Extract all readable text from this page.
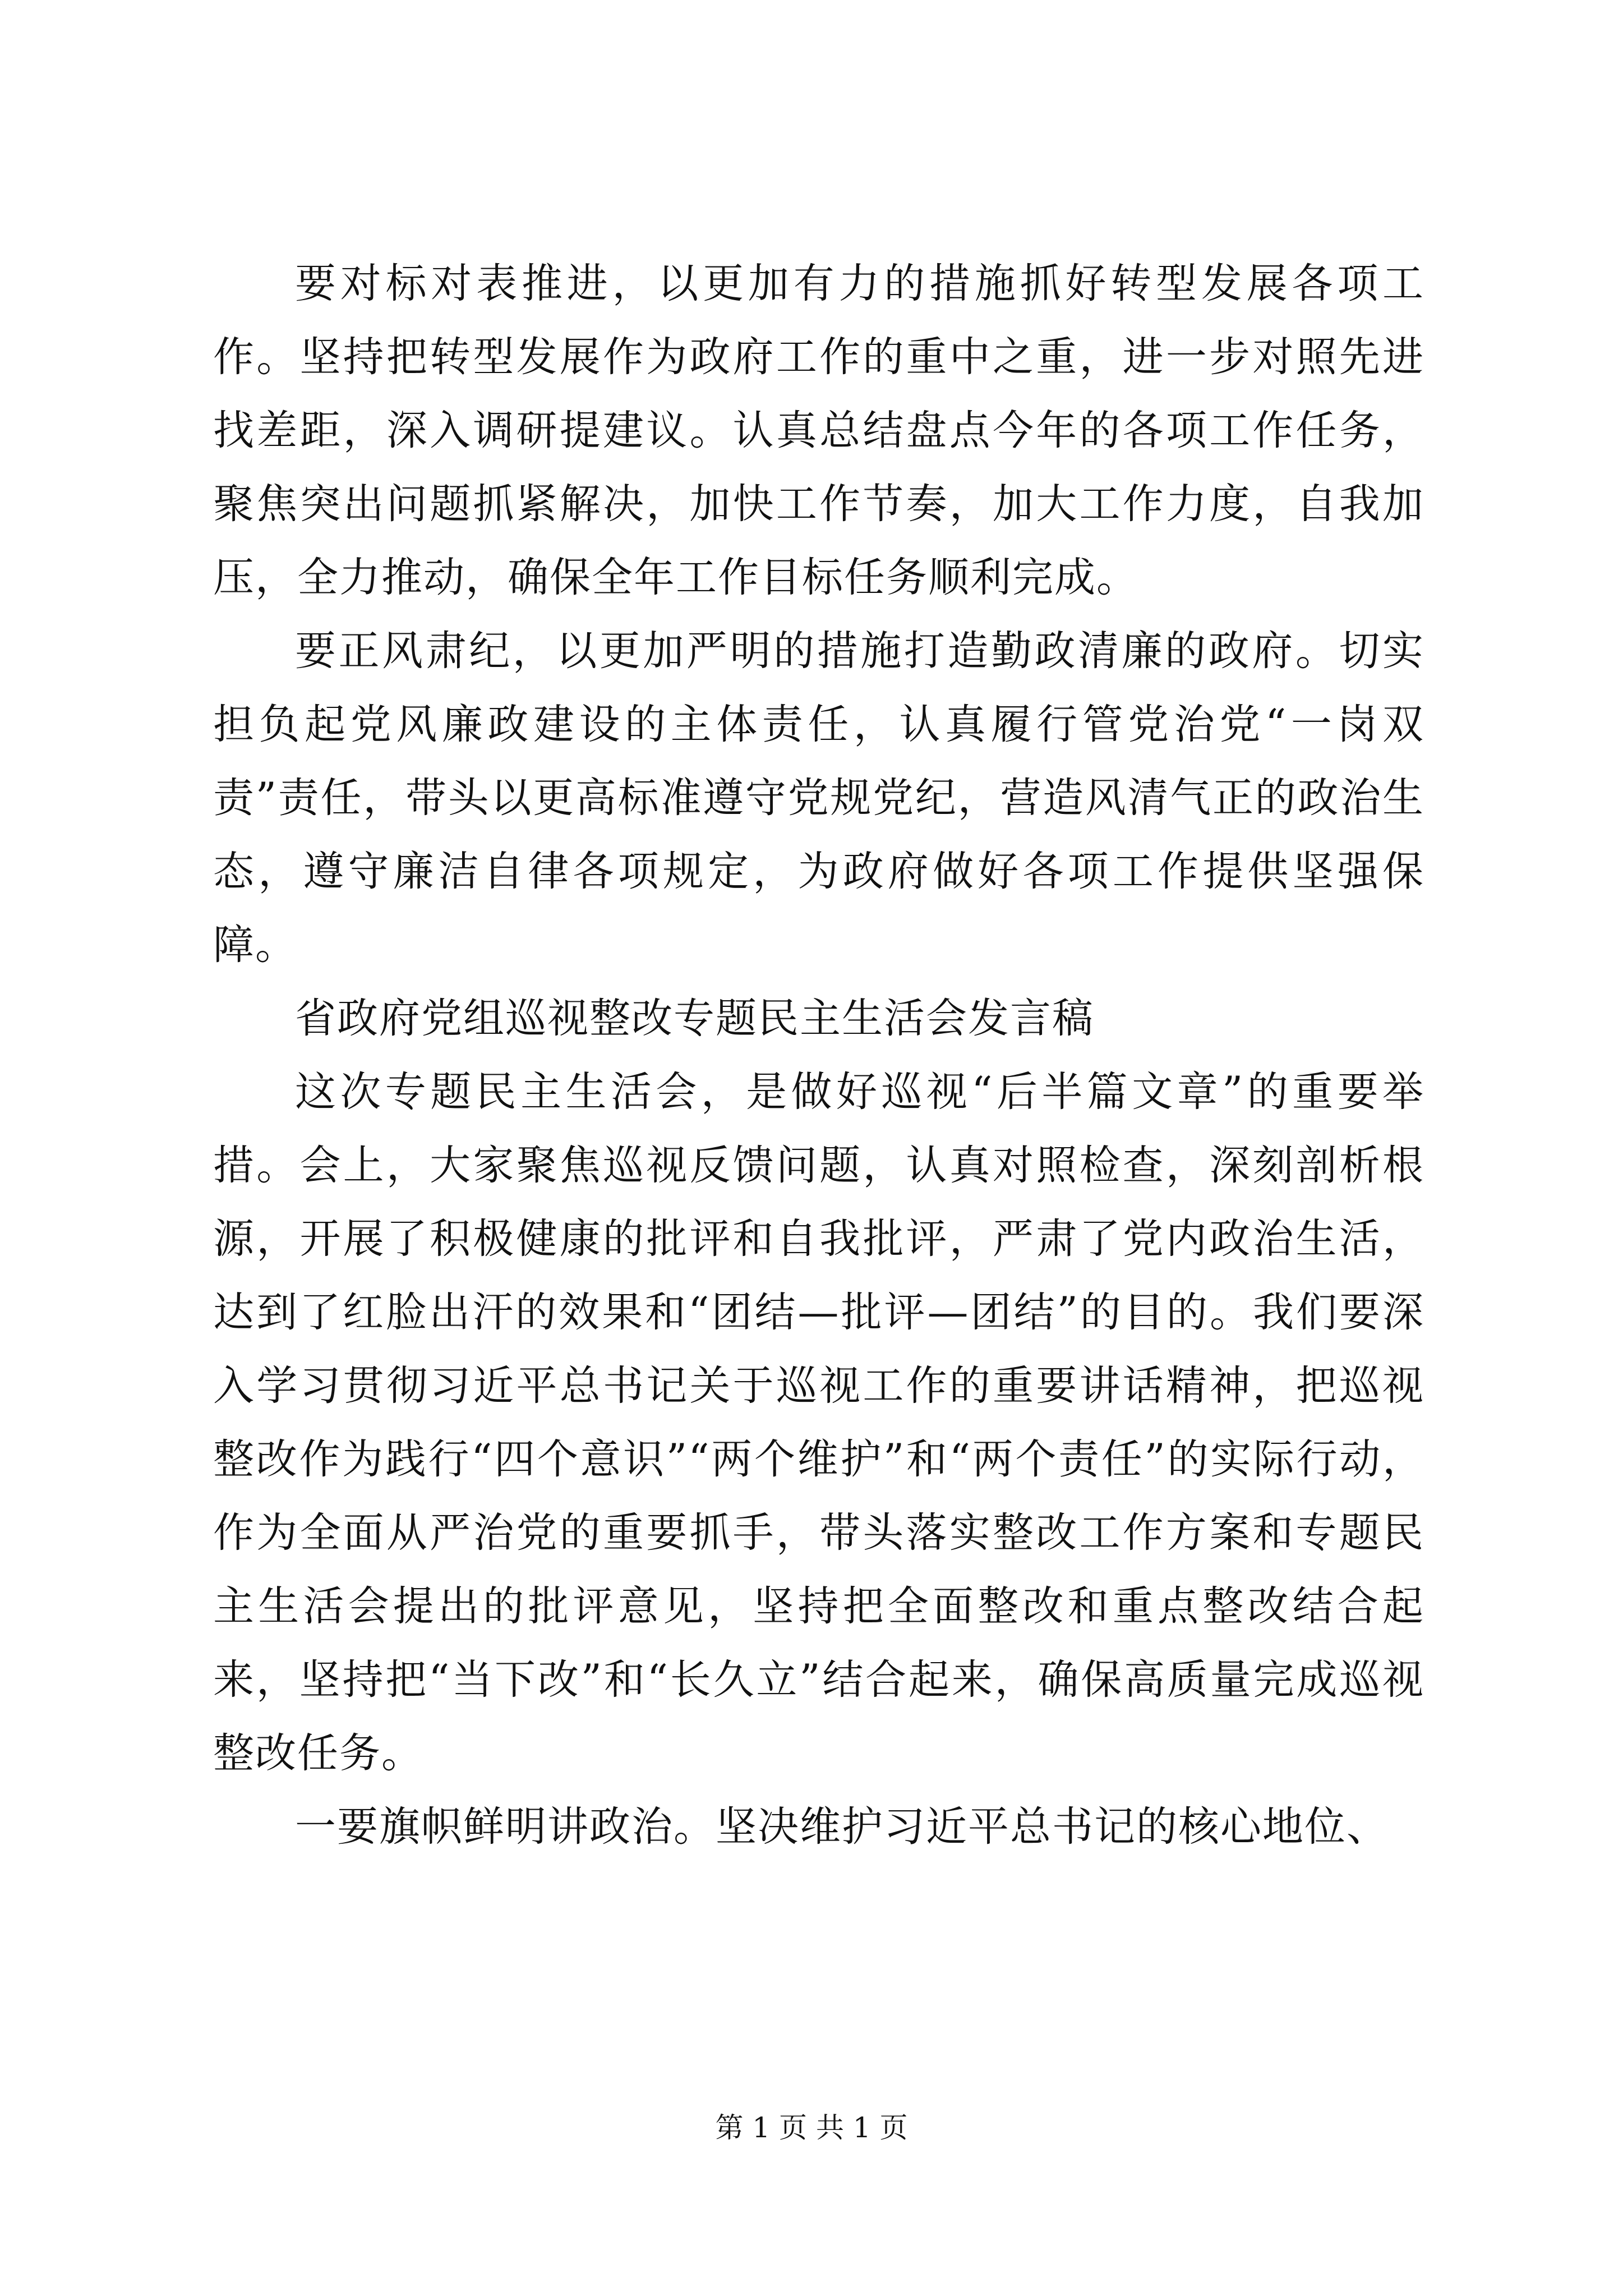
要对标对表推进，以更加有力的措施抓好转型发展各项工作。坚持把转型发展作为政府工作的重中之重，进一步对照先进找差距，深入调研提建议。认真总结盘点今年的各项工作任务，聚焦突出问题抓紧解决，加快工作节奏，加大工作力度，自我加压，全力推动，确保全年工作目标任务顺利完成。

要正风肃纪，以更加严明的措施打造勤政清廉的政府。切实担负起党风廉政建设的主体责任，认真履行管党治党“一岗双责”责任，带头以更高标准遵守党规党纪，营造风清气正的政治生态，遵守廉洁自律各项规定，为政府做好各项工作提供坚强保障。

省政府党组巡视整改专题民主生活会发言稿

这次专题民主生活会，是做好巡视“后半篇文章”的重要举措。会上，大家聚焦巡视反馈问题，认真对照检查，深刻剖析根源，开展了积极健康的批评和自我批评，严肃了党内政治生活，达到了红脸出汗的效果和“团结—批评—团结”的目的。我们要深入学习贯彻习近平总书记关于巡视工作的重要讲话精神，把巡视整改作为践行“四个意识”“两个维护”和“两个责任”的实际行动，作为全面从严治党的重要抓手，带头落实整改工作方案和专题民主生活会提出的批评意见，坚持把全面整改和重点整改结合起来，坚持把“当下改”和“长久立”结合起来，确保高质量完成巡视整改任务。

一要旗帜鲜明讲政治。坚决维护习近平总书记的核心地位、

第 1 页 共 1 页
